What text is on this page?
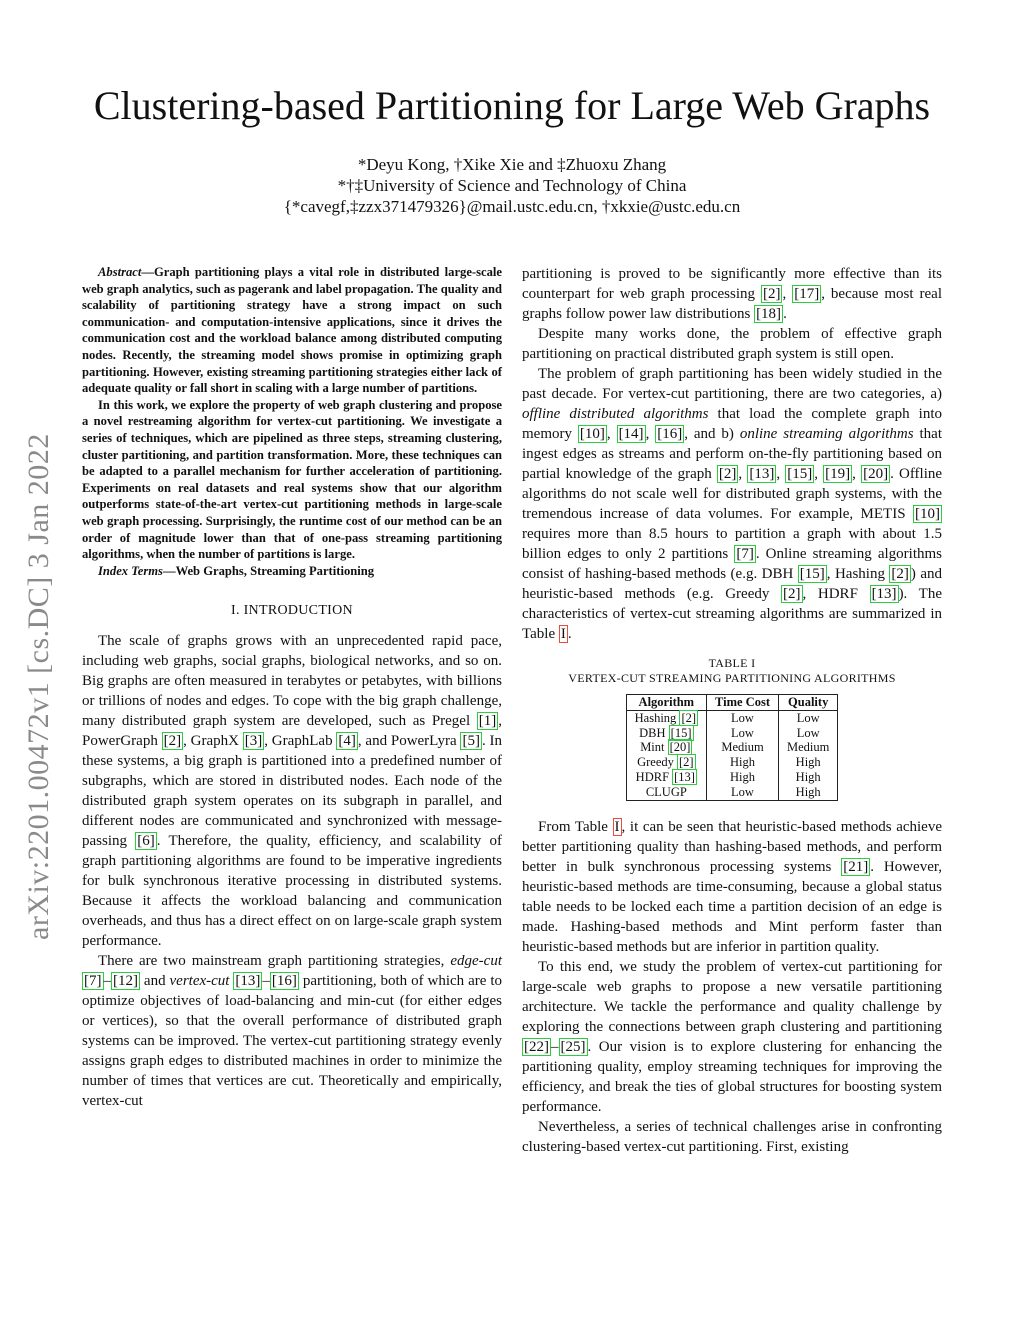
arXiv:2201.00472v1 [cs.DC] 3 Jan 2022
Clustering-based Partitioning for Large Web Graphs
*Deyu Kong, †Xike Xie and ‡Zhuoxu Zhang
*†‡University of Science and Technology of China
{*cavegf,‡zzx371479326}@mail.ustc.edu.cn, †xkxie@ustc.edu.cn

Abstract—Graph partitioning plays a vital role in distributed large-scale web graph analytics, such as pagerank and label propagation. The quality and scalability of partitioning strategy have a strong impact on such communication- and computation-intensive applications, since it drives the communication cost and the workload balance among distributed computing nodes. Recently, the streaming model shows promise in optimizing graph partitioning. However, existing streaming partitioning strategies either lack of adequate quality or fall short in scaling with a large number of partitions.

In this work, we explore the property of web graph clustering and propose a novel restreaming algorithm for vertex-cut partitioning. We investigate a series of techniques, which are pipelined as three steps, streaming clustering, cluster partitioning, and partition transformation. More, these techniques can be adapted to a parallel mechanism for further acceleration of partitioning. Experiments on real datasets and real systems show that our algorithm outperforms state-of-the-art vertex-cut partitioning methods in large-scale web graph processing. Surprisingly, the runtime cost of our method can be an order of magnitude lower than that of one-pass streaming partitioning algorithms, when the number of partitions is large.

Index Terms—Web Graphs, Streaming Partitioning

I. INTRODUCTION

The scale of graphs grows with an unprecedented rapid pace, including web graphs, social graphs, biological networks, and so on. Big graphs are often measured in terabytes or petabytes, with billions or trillions of nodes and edges. To cope with the big graph challenge, many distributed graph system are developed, such as Pregel [1] , PowerGraph [2] , GraphX [3] , GraphLab [4] , and PowerLyra [5] . In these systems, a big graph is partitioned into a predefined number of subgraphs, which are stored in distributed nodes. Each node of the distributed graph system operates on its subgraph in parallel, and different nodes are communicated and synchronized with message-passing [6] . Therefore, the quality, efficiency, and scalability of graph partitioning algorithms are found to be imperative ingredients for bulk synchronous iterative processing in distributed systems. Because it affects the workload balancing and communication overheads, and thus has a direct effect on on large-scale graph system performance.

There are two mainstream graph partitioning strategies, edge-cut [7] – [12] and vertex-cut [13] – [16] partitioning, both of which are to optimize objectives of load-balancing and min-cut (for either edges or vertices), so that the overall performance of distributed graph systems can be improved. The vertex-cut partitioning strategy evenly assigns graph edges to distributed machines in order to minimize the number of times that vertices are cut. Theoretically and empirically, vertex-cut

partitioning is proved to be significantly more effective than its counterpart for web graph processing [2] , [17] , because most real graphs follow power law distributions [18] .

Despite many works done, the problem of effective graph partitioning on practical distributed graph system is still open.

The problem of graph partitioning has been widely studied in the past decade. For vertex-cut partitioning, there are two categories, a) offline distributed algorithms that load the complete graph into memory [10] , [14] , [16] , and b) online streaming algorithms that ingest edges as streams and perform on-the-fly partitioning based on partial knowledge of the graph [2] , [13] , [15] , [19] , [20] . Offline algorithms do not scale well for distributed graph systems, with the tremendous increase of data volumes. For example, METIS [10] requires more than 8.5 hours to partition a graph with about 1.5 billion edges to only 2 partitions [7] . Online streaming algorithms consist of hashing-based methods (e.g. DBH [15] , Hashing [2] ) and heuristic-based methods (e.g. Greedy [2] , HDRF [13] ). The characteristics of vertex-cut streaming algorithms are summarized in Table I .

TABLE I
VERTEX-CUT STREAMING PARTITIONING ALGORITHMS
Algorithm	Time Cost	Quality
Hashing [2]	Low	Low
DBH [15]	Low	Low
Mint [20]	Medium	Medium
Greedy [2]	High	High
HDRF [13]	High	High
CLUGP	Low	High

From Table I , it can be seen that heuristic-based methods achieve better partitioning quality than hashing-based methods, and perform better in bulk synchronous processing systems [21] . However, heuristic-based methods are time-consuming, because a global status table needs to be locked each time a partition decision of an edge is made. Hashing-based methods and Mint perform faster than heuristic-based methods but are inferior in partition quality.

To this end, we study the problem of vertex-cut partitioning for large-scale web graphs to propose a new versatile partitioning architecture. We tackle the performance and quality challenge by exploring the connections between graph clustering and partitioning [22] – [25] . Our vision is to explore clustering for enhancing the partitioning quality, employ streaming techniques for improving the efficiency, and break the ties of global structures for boosting system performance.

Nevertheless, a series of technical challenges arise in confronting clustering-based vertex-cut partitioning. First, existing
